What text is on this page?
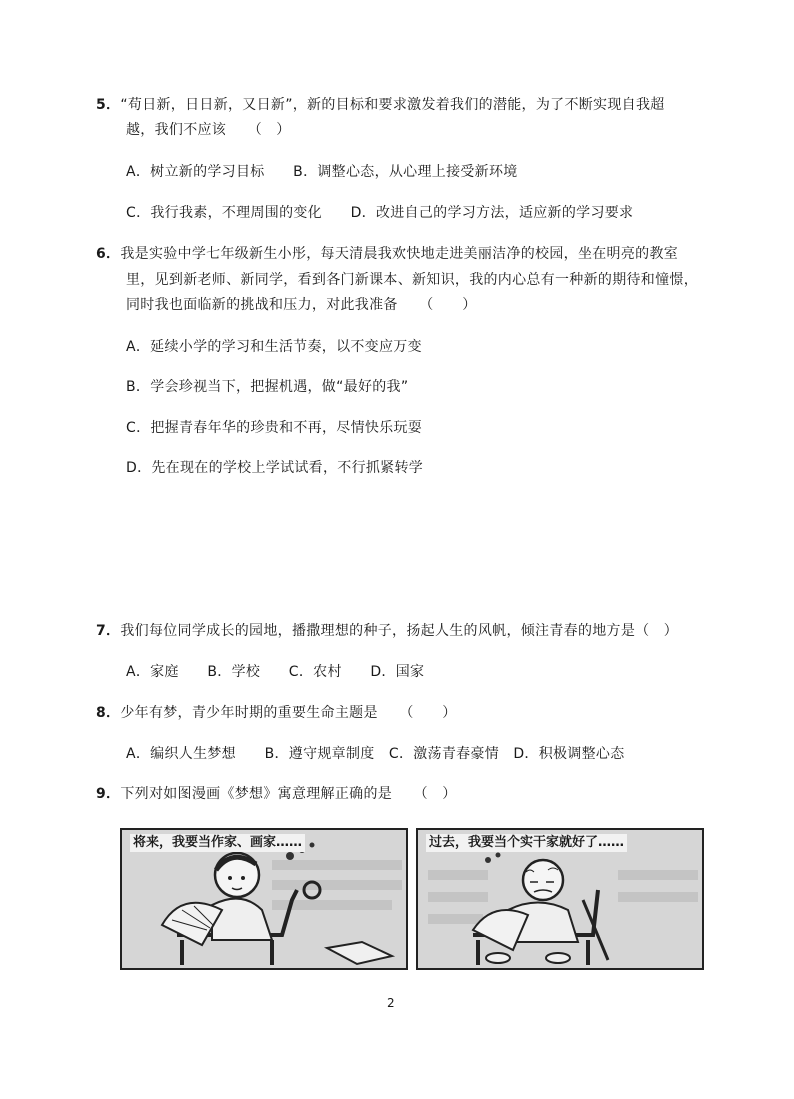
5．“苟日新，日日新，又日新”，新的目标和要求激发着我们的潜能，为了不断实现自我超
越，我们不应该　　（　）
A．树立新的学习目标　　B．调整心态，从心理上接受新环境
C．我行我素，不理周围的变化　　D．改进自己的学习方法，适应新的学习要求
6．我是实验中学七年级新生小彤，每天清晨我欢快地走进美丽洁净的校园，坐在明亮的教室
里，见到新老师、新同学，看到各门新课本、新知识，我的内心总有一种新的期待和憧憬，
同时我也面临新的挑战和压力，对此我准备　　（　　）
A．延续小学的学习和生活节奏，以不变应万变
B．学会珍视当下，把握机遇，做“最好的我”
C．把握青春年华的珍贵和不再，尽情快乐玩耍
D．先在现在的学校上学试试看，不行抓紧转学
7．我们每位同学成长的园地，播撒理想的种子，扬起人生的风帆，倾注青春的地方是（　）
A．家庭　　B．学校　　C．农村　　D．国家
8．少年有梦，青少年时期的重要生命主题是　　（　　）
A．编织人生梦想　　B．遵守规章制度　C．激荡青春豪情　D．积极调整心态
9．下列对如图漫画《梦想》寓意理解正确的是　　（　）
将来，我要当作家、画家……	过去，我要当个实干家就好了……
2
